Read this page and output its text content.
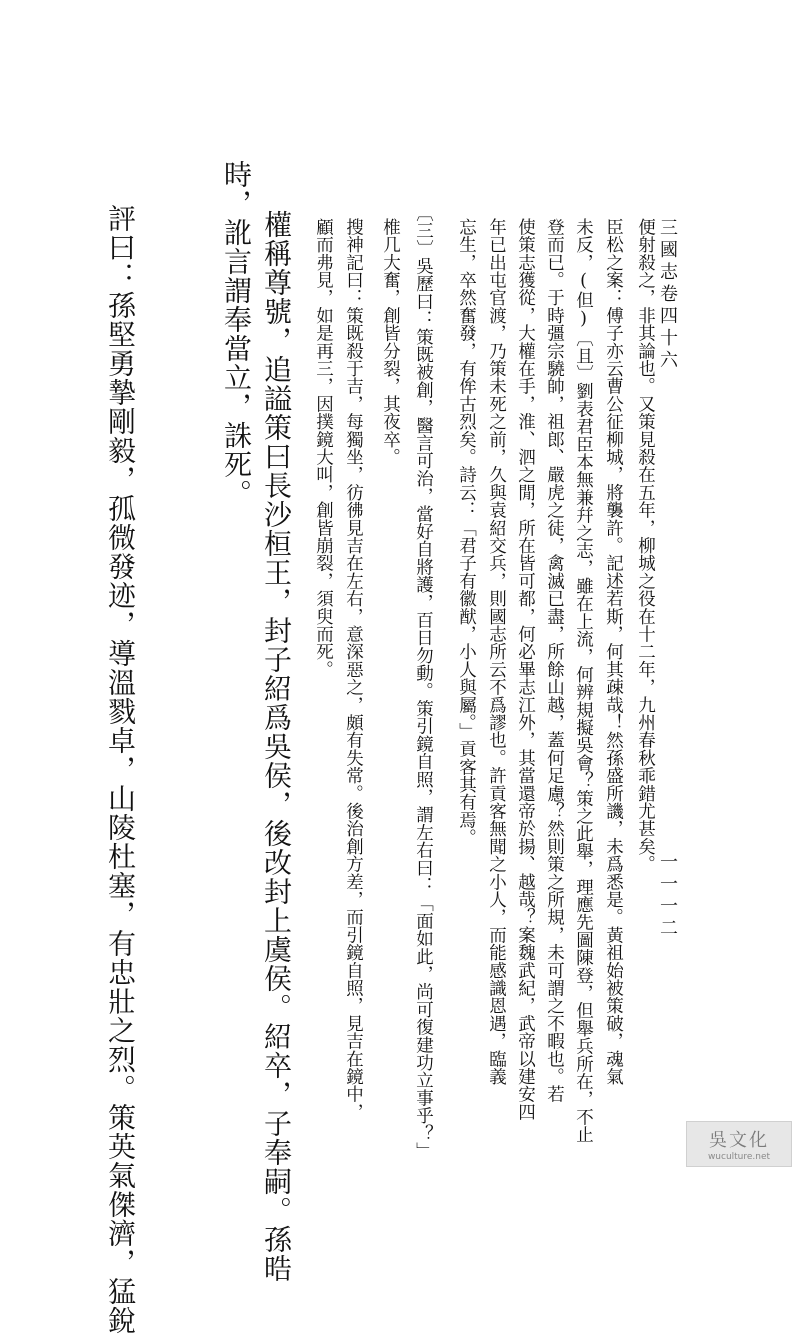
三國志卷四十六
一一一二
便射殺之，非其論也。又策見殺在五年，柳城之役在十二年，九州春秋乖錯尤甚矣。
臣松之案：傅子亦云曹公征柳城，將襲許。記述若斯，何其疎哉！然孫盛所譏，未爲悉是。黃祖始被策破，魂氣
未反，(但)〔且〕劉表君臣本無兼幷之志，雖在上流，何辨規擬吳會？策之此舉，理應先圖陳登，但舉兵所在，不止
登而已。于時彊宗驍帥，祖郎、嚴虎之徒，禽滅已盡，所餘山越，蓋何足慮？然則策之所規，未可謂之不暇也。若
使策志獲從，大權在手，淮、泗之閒，所在皆可都，何必畢志江外，其當還帝於揚、越哉？案魏武紀，武帝以建安四
年已出屯官渡，乃策未死之前，久與袁紹交兵，則國志所云不爲謬也。許貢客無聞之小人，而能感識恩遇，臨義
忘生，卒然奮發，有侔古烈矣。詩云：「君子有徽猷，小人與屬。」貢客其有焉。
〔三〕吳歷曰：策既被創，醫言可治，當好自將護，百日勿動。策引鏡自照，謂左右曰：「面如此，尚可復建功立事乎？」
椎几大奮，創皆分裂，其夜卒。
搜神記曰：策既殺于吉，每獨坐，彷彿見吉在左右，意深惡之，頗有失常。後治創方差，而引鏡自照，見吉在鏡中，
顧而弗見，如是再三，因撲鏡大叫，創皆崩裂，須臾而死。
權稱尊號，追謚策曰長沙桓王，封子紹爲吳侯，後改封上虞侯。紹卒，子奉嗣。孫晧
時，訛言謂奉當立，誅死。
評曰：孫堅勇摯剛毅，孤微發迹，導溫戮卓，山陵杜塞，有忠壯之烈。策英氣傑濟，猛銳	吳文化
wuculture.net
